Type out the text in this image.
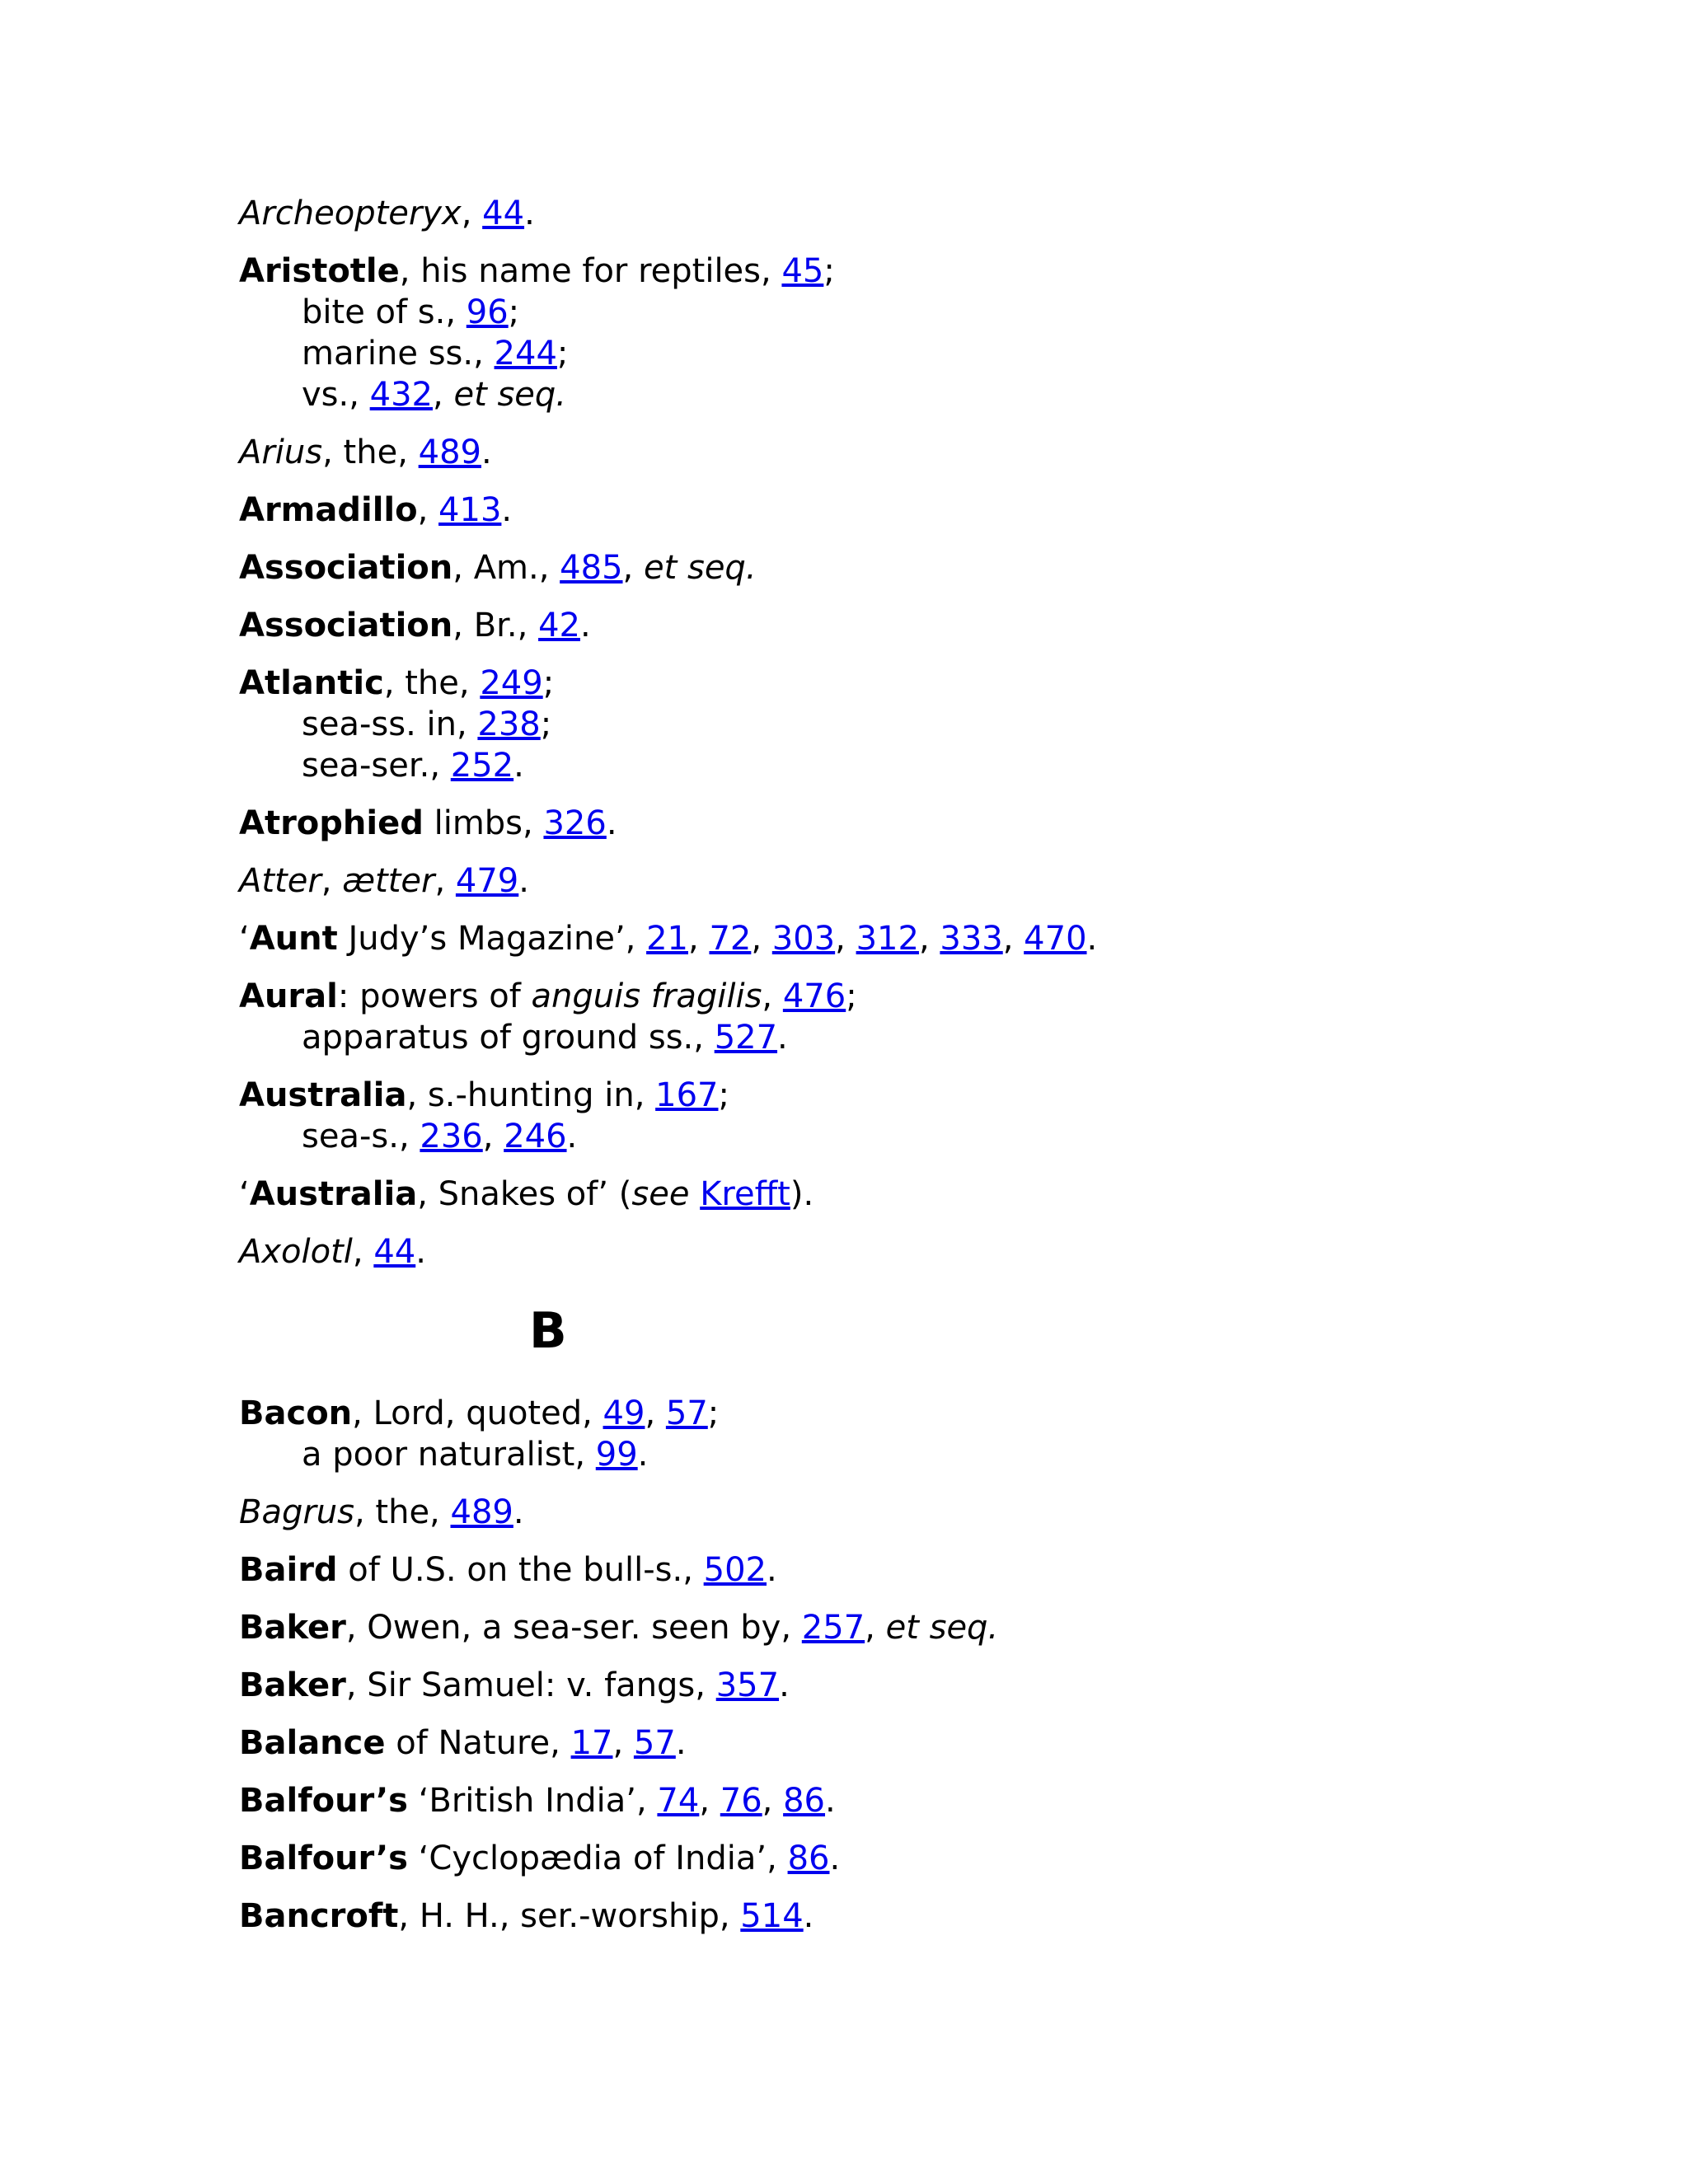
Archeopteryx, 44.
Aristotle, his name for reptiles, 45;
bite of s., 96;
marine ss., 244;
vs., 432, et seq.
Arius, the, 489.
Armadillo, 413.
Association, Am., 485, et seq.
Association, Br., 42.
Atlantic, the, 249;
sea-ss. in, 238;
sea-ser., 252.
Atrophied limbs, 326.
Atter, ætter, 479.
‘Aunt Judy’s Magazine’, 21, 72, 303, 312, 333, 470.
Aural: powers of anguis fragilis, 476;
apparatus of ground ss., 527.
Australia, s.-hunting in, 167;
sea-s., 236, 246.
‘Australia, Snakes of’ (see Krefft).
Axolotl, 44.
B
Bacon, Lord, quoted, 49, 57;
a poor naturalist, 99.
Bagrus, the, 489.
Baird of U.S. on the bull-s., 502.
Baker, Owen, a sea-ser. seen by, 257, et seq.
Baker, Sir Samuel: v. fangs, 357.
Balance of Nature, 17, 57.
Balfour’s ‘British India’, 74, 76, 86.
Balfour’s ‘Cyclopædia of India’, 86.
Bancroft, H. H., ser.-worship, 514.
